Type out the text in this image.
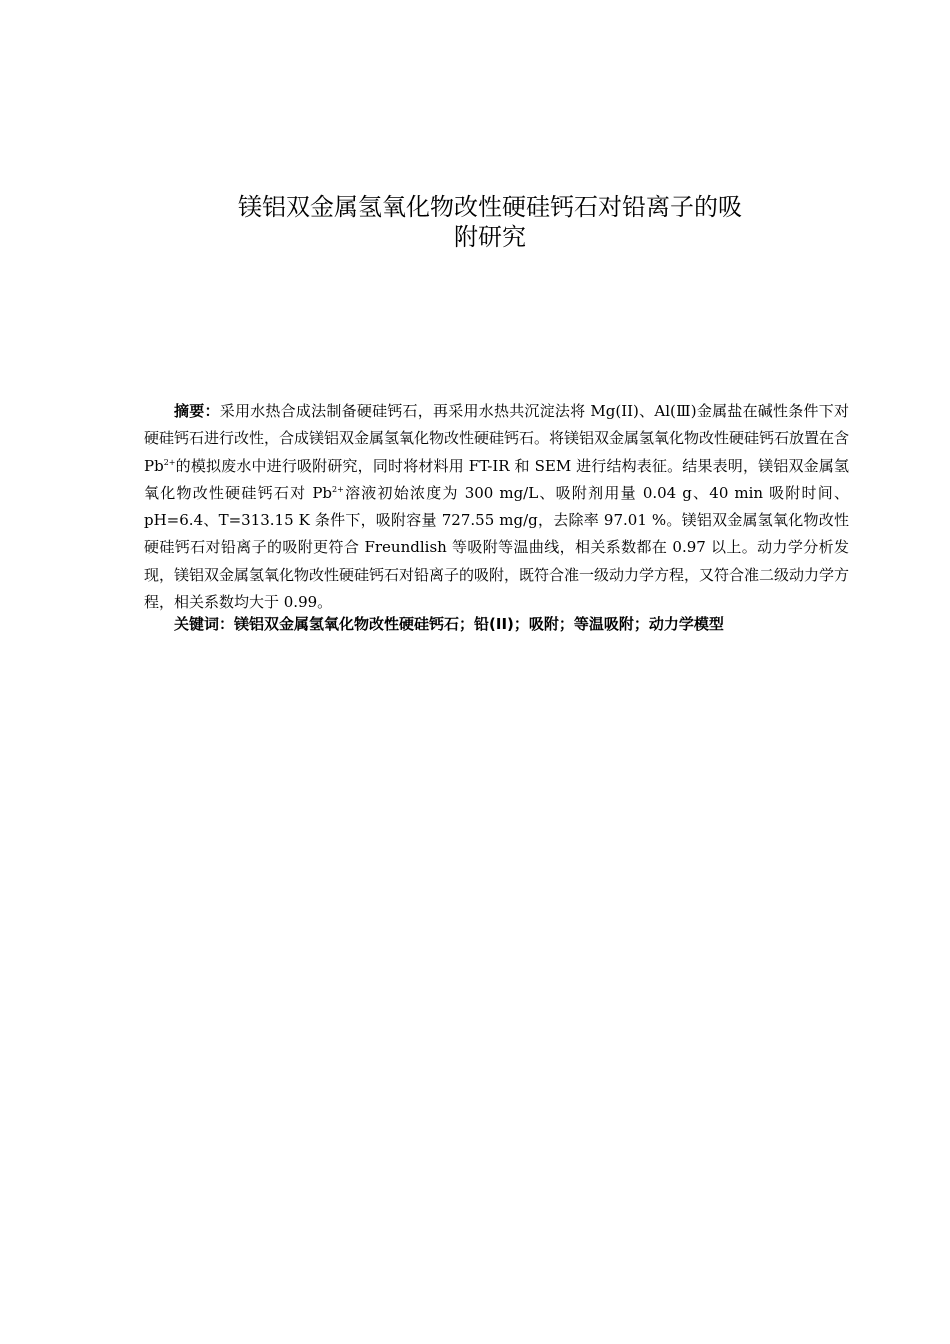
镁铝双金属氢氧化物改性硬硅钙石对铅离子的吸
附研究

摘要：采用水热合成法制备硬硅钙石，再采用水热共沉淀法将 Mg(II)、Al(Ⅲ)金属盐在碱性条件下对硬硅钙石进行改性，合成镁铝双金属氢氧化物改性硬硅钙石。将镁铝双金属氢氧化物改性硬硅钙石放置在含 $Pb^{2+}$的模拟废水中进行吸附研究，同时将材料用 FT-IR 和 SEM 进行结构表征。结果表明，镁铝双金属氢氧化物改性硬硅钙石对 $Pb^{2+}$溶液初始浓度为 300 mg/L、吸附剂用量 0.04 g、40 min 吸附时间、pH=6.4、T=313.15 K 条件下，吸附容量 727.55 mg/g，去除率 97.01 %。镁铝双金属氢氧化物改性硬硅钙石对铅离子的吸附更符合 Freundlish 等吸附等温曲线，相关系数都在 0.97 以上。动力学分析发现，镁铝双金属氢氧化物改性硬硅钙石对铅离子的吸附，既符合准一级动力学方程，又符合准二级动力学方程，相关系数均大于 0.99。

关键词：镁铝双金属氢氧化物改性硬硅钙石；铅(II)；吸附；等温吸附；动力学模型
